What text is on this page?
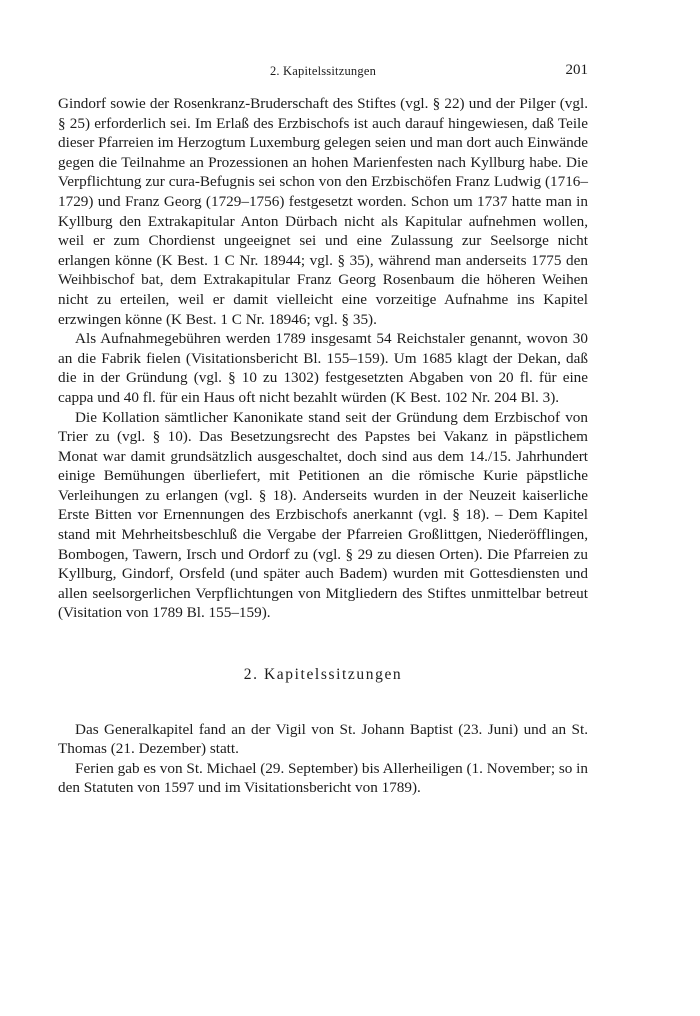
2. Kapitelssitzungen	201

Gindorf sowie der Rosenkranz-Bruderschaft des Stiftes (vgl. § 22) und der Pilger (vgl. § 25) erforderlich sei. Im Erlaß des Erzbischofs ist auch darauf hingewiesen, daß Teile dieser Pfarreien im Herzogtum Luxemburg gelegen seien und man dort auch Einwände gegen die Teilnahme an Prozessionen an hohen Marienfesten nach Kyllburg habe. Die Verpflichtung zur cura-Befugnis sei schon von den Erzbischöfen Franz Ludwig (1716–1729) und Franz Georg (1729–1756) festgesetzt worden. Schon um 1737 hatte man in Kyllburg den Extrakapitular Anton Dürbach nicht als Kapitular aufnehmen wollen, weil er zum Chordienst ungeeignet sei und eine Zulassung zur Seelsorge nicht erlangen könne (K Best. 1 C Nr. 18944; vgl. § 35), während man anderseits 1775 den Weihbischof bat, dem Extrakapitular Franz Georg Rosenbaum die höheren Weihen nicht zu erteilen, weil er damit vielleicht eine vorzeitige Aufnahme ins Kapitel erzwingen könne (K Best. 1 C Nr. 18946; vgl. § 35).

Als Aufnahmegebühren werden 1789 insgesamt 54 Reichstaler genannt, wovon 30 an die Fabrik fielen (Visitationsbericht Bl. 155–159). Um 1685 klagt der Dekan, daß die in der Gründung (vgl. § 10 zu 1302) festgesetzten Abgaben von 20 fl. für eine cappa und 40 fl. für ein Haus oft nicht bezahlt würden (K Best. 102 Nr. 204 Bl. 3).

Die Kollation sämtlicher Kanonikate stand seit der Gründung dem Erzbischof von Trier zu (vgl. § 10). Das Besetzungsrecht des Papstes bei Vakanz in päpstlichem Monat war damit grundsätzlich ausgeschaltet, doch sind aus dem 14./15. Jahrhundert einige Bemühungen überliefert, mit Petitionen an die römische Kurie päpstliche Verleihungen zu erlangen (vgl. § 18). Anderseits wurden in der Neuzeit kaiserliche Erste Bitten vor Ernennungen des Erzbischofs anerkannt (vgl. § 18). – Dem Kapitel stand mit Mehrheitsbeschluß die Vergabe der Pfarreien Großlittgen, Niederöfflingen, Bombogen, Tawern, Irsch und Ordorf zu (vgl. § 29 zu diesen Orten). Die Pfarreien zu Kyllburg, Gindorf, Orsfeld (und später auch Badem) wurden mit Gottesdiensten und allen seelsorgerlichen Verpflichtungen von Mitgliedern des Stiftes unmittelbar betreut (Visitation von 1789 Bl. 155–159).

2. Kapitelssitzungen

Das Generalkapitel fand an der Vigil von St. Johann Baptist (23. Juni) und an St. Thomas (21. Dezember) statt.

Ferien gab es von St. Michael (29. September) bis Allerheiligen (1. November; so in den Statuten von 1597 und im Visitationsbericht von 1789).
